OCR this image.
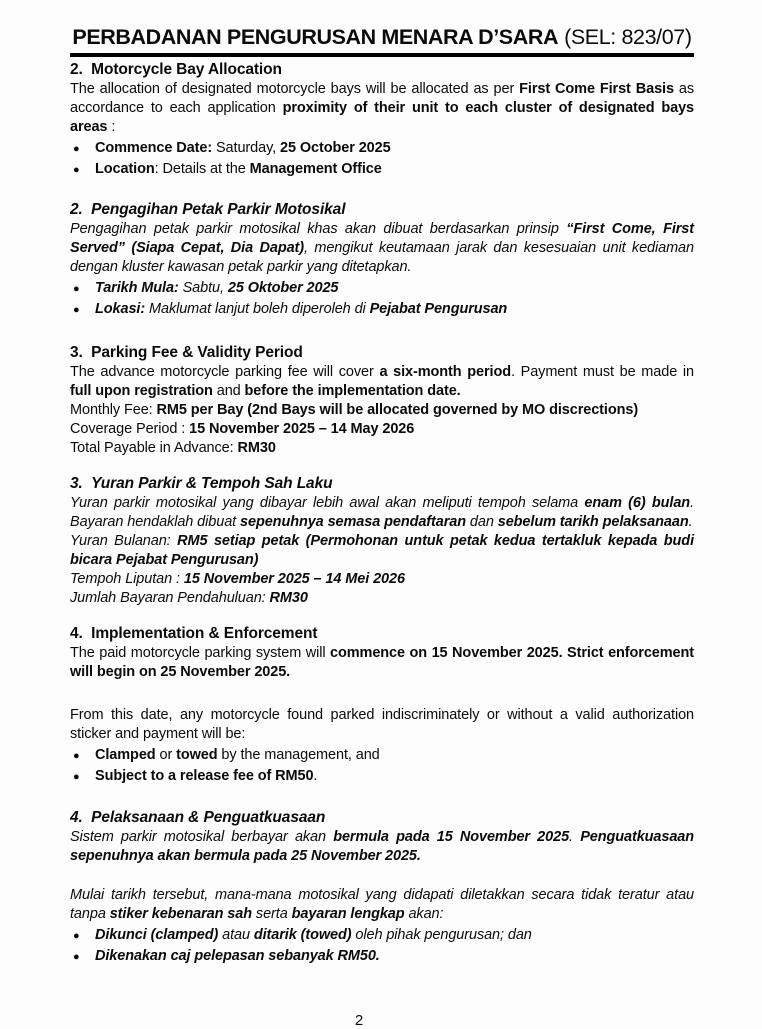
PERBADANAN PENGURUSAN MENARA D’SARA (SEL: 823/07)
2.  Motorcycle Bay Allocation
The allocation of designated motorcycle bays will be allocated as per First Come First Basis as accordance to each application proximity of their unit to each cluster of designated bays areas :
● Commence Date: Saturday, 25 October 2025
● Location: Details at the Management Office
2.  Pengagihan Petak Parkir Motosikal
Pengagihan petak parkir motosikal khas akan dibuat berdasarkan prinsip “First Come, First Served” (Siapa Cepat, Dia Dapat), mengikut keutamaan jarak dan kesesuaian unit kediaman dengan kluster kawasan petak parkir yang ditetapkan.
● Tarikh Mula: Sabtu, 25 Oktober 2025
● Lokasi: Maklumat lanjut boleh diperoleh di Pejabat Pengurusan
3.  Parking Fee & Validity Period
The advance motorcycle parking fee will cover a six-month period. Payment must be made in full upon registration and before the implementation date.
Monthly Fee: RM5 per Bay (2nd Bays will be allocated governed by MO discrections)
Coverage Period : 15 November 2025 – 14 May 2026
Total Payable in Advance: RM30
3.  Yuran Parkir & Tempoh Sah Laku
Yuran parkir motosikal yang dibayar lebih awal akan meliputi tempoh selama enam (6) bulan. Bayaran hendaklah dibuat sepenuhnya semasa pendaftaran dan sebelum tarikh pelaksanaan.
Yuran Bulanan: RM5 setiap petak (Permohonan untuk petak kedua tertakluk kepada budi bicara Pejabat Pengurusan)
Tempoh Liputan : 15 November 2025 – 14 Mei 2026
Jumlah Bayaran Pendahuluan: RM30
4.  Implementation & Enforcement
The paid motorcycle parking system will commence on 15 November 2025. Strict enforcement will begin on 25 November 2025.
From this date, any motorcycle found parked indiscriminately or without a valid authorization sticker and payment will be:
● Clamped or towed by the management, and
● Subject to a release fee of RM50.
4.  Pelaksanaan & Penguatkuasaan
Sistem parkir motosikal berbayar akan bermula pada 15 November 2025. Penguatkuasaan sepenuhnya akan bermula pada 25 November 2025.
Mulai tarikh tersebut, mana-mana motosikal yang didapati diletakkan secara tidak teratur atau tanpa stiker kebenaran sah serta bayaran lengkap akan:
● Dikunci (clamped) atau ditarik (towed) oleh pihak pengurusan; dan
● Dikenakan caj pelepasan sebanyak RM50.
2
